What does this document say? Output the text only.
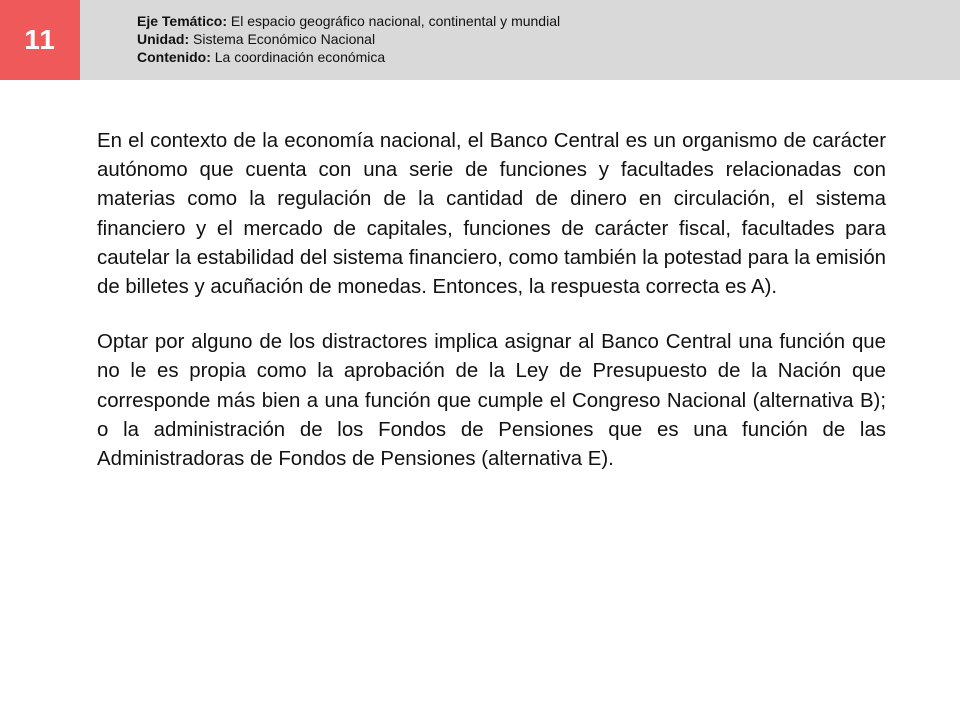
11
Eje Temático: El espacio geográfico nacional, continental y mundial
Unidad: Sistema Económico Nacional
Contenido: La coordinación económica

En el contexto de la economía nacional, el Banco Central es un organismo de carácter autónomo que cuenta con una serie de funciones y facultades relacionadas con materias como la regulación de la cantidad de dinero en circulación, el sistema financiero y el mercado de capitales, funciones de carácter fiscal, facultades para cautelar la estabilidad del sistema financiero, como también la potestad para la emisión de billetes y acuñación de monedas. Entonces, la respuesta correcta es A).

Optar por alguno de los distractores implica asignar al Banco Central una función que no le es propia como la aprobación de la Ley de Presupuesto de la Nación que corresponde más bien a una función que cumple el Congreso Nacional (alternativa B); o la administración de los Fondos de Pensiones que es una función de las Administradoras de Fondos de Pensiones (alternativa E).
